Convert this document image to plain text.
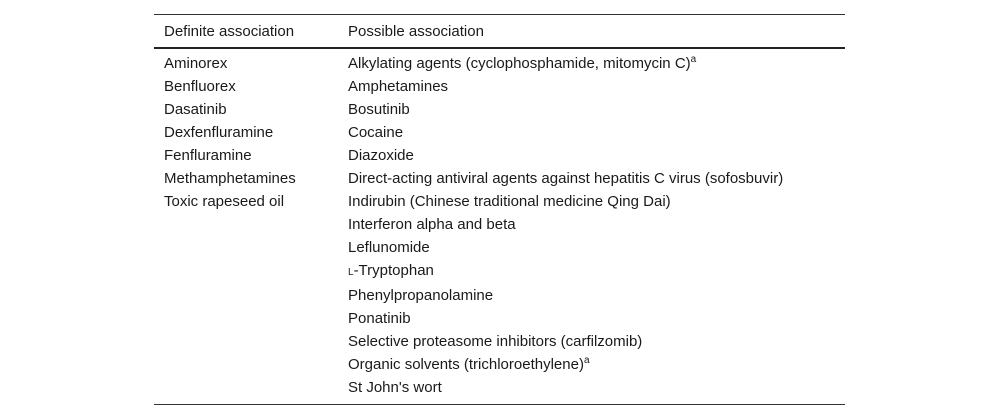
Definite association	Possible association
Aminorex	Alkylating agents (cyclophosphamide, mitomycin C)$^a$
Benfluorex	Amphetamines
Dasatinib	Bosutinib
Dexfenfluramine	Cocaine
Fenfluramine	Diazoxide
Methamphetamines	Direct-acting antiviral agents against hepatitis C virus (sofosbuvir)
Toxic rapeseed oil	Indirubin (Chinese traditional medicine Qing Dai)
	Interferon alpha and beta
	Leflunomide
	L-Tryptophan
	Phenylpropanolamine
	Ponatinib
	Selective proteasome inhibitors (carfilzomib)
	Organic solvents (trichloroethylene)$^a$
	St John's wort
